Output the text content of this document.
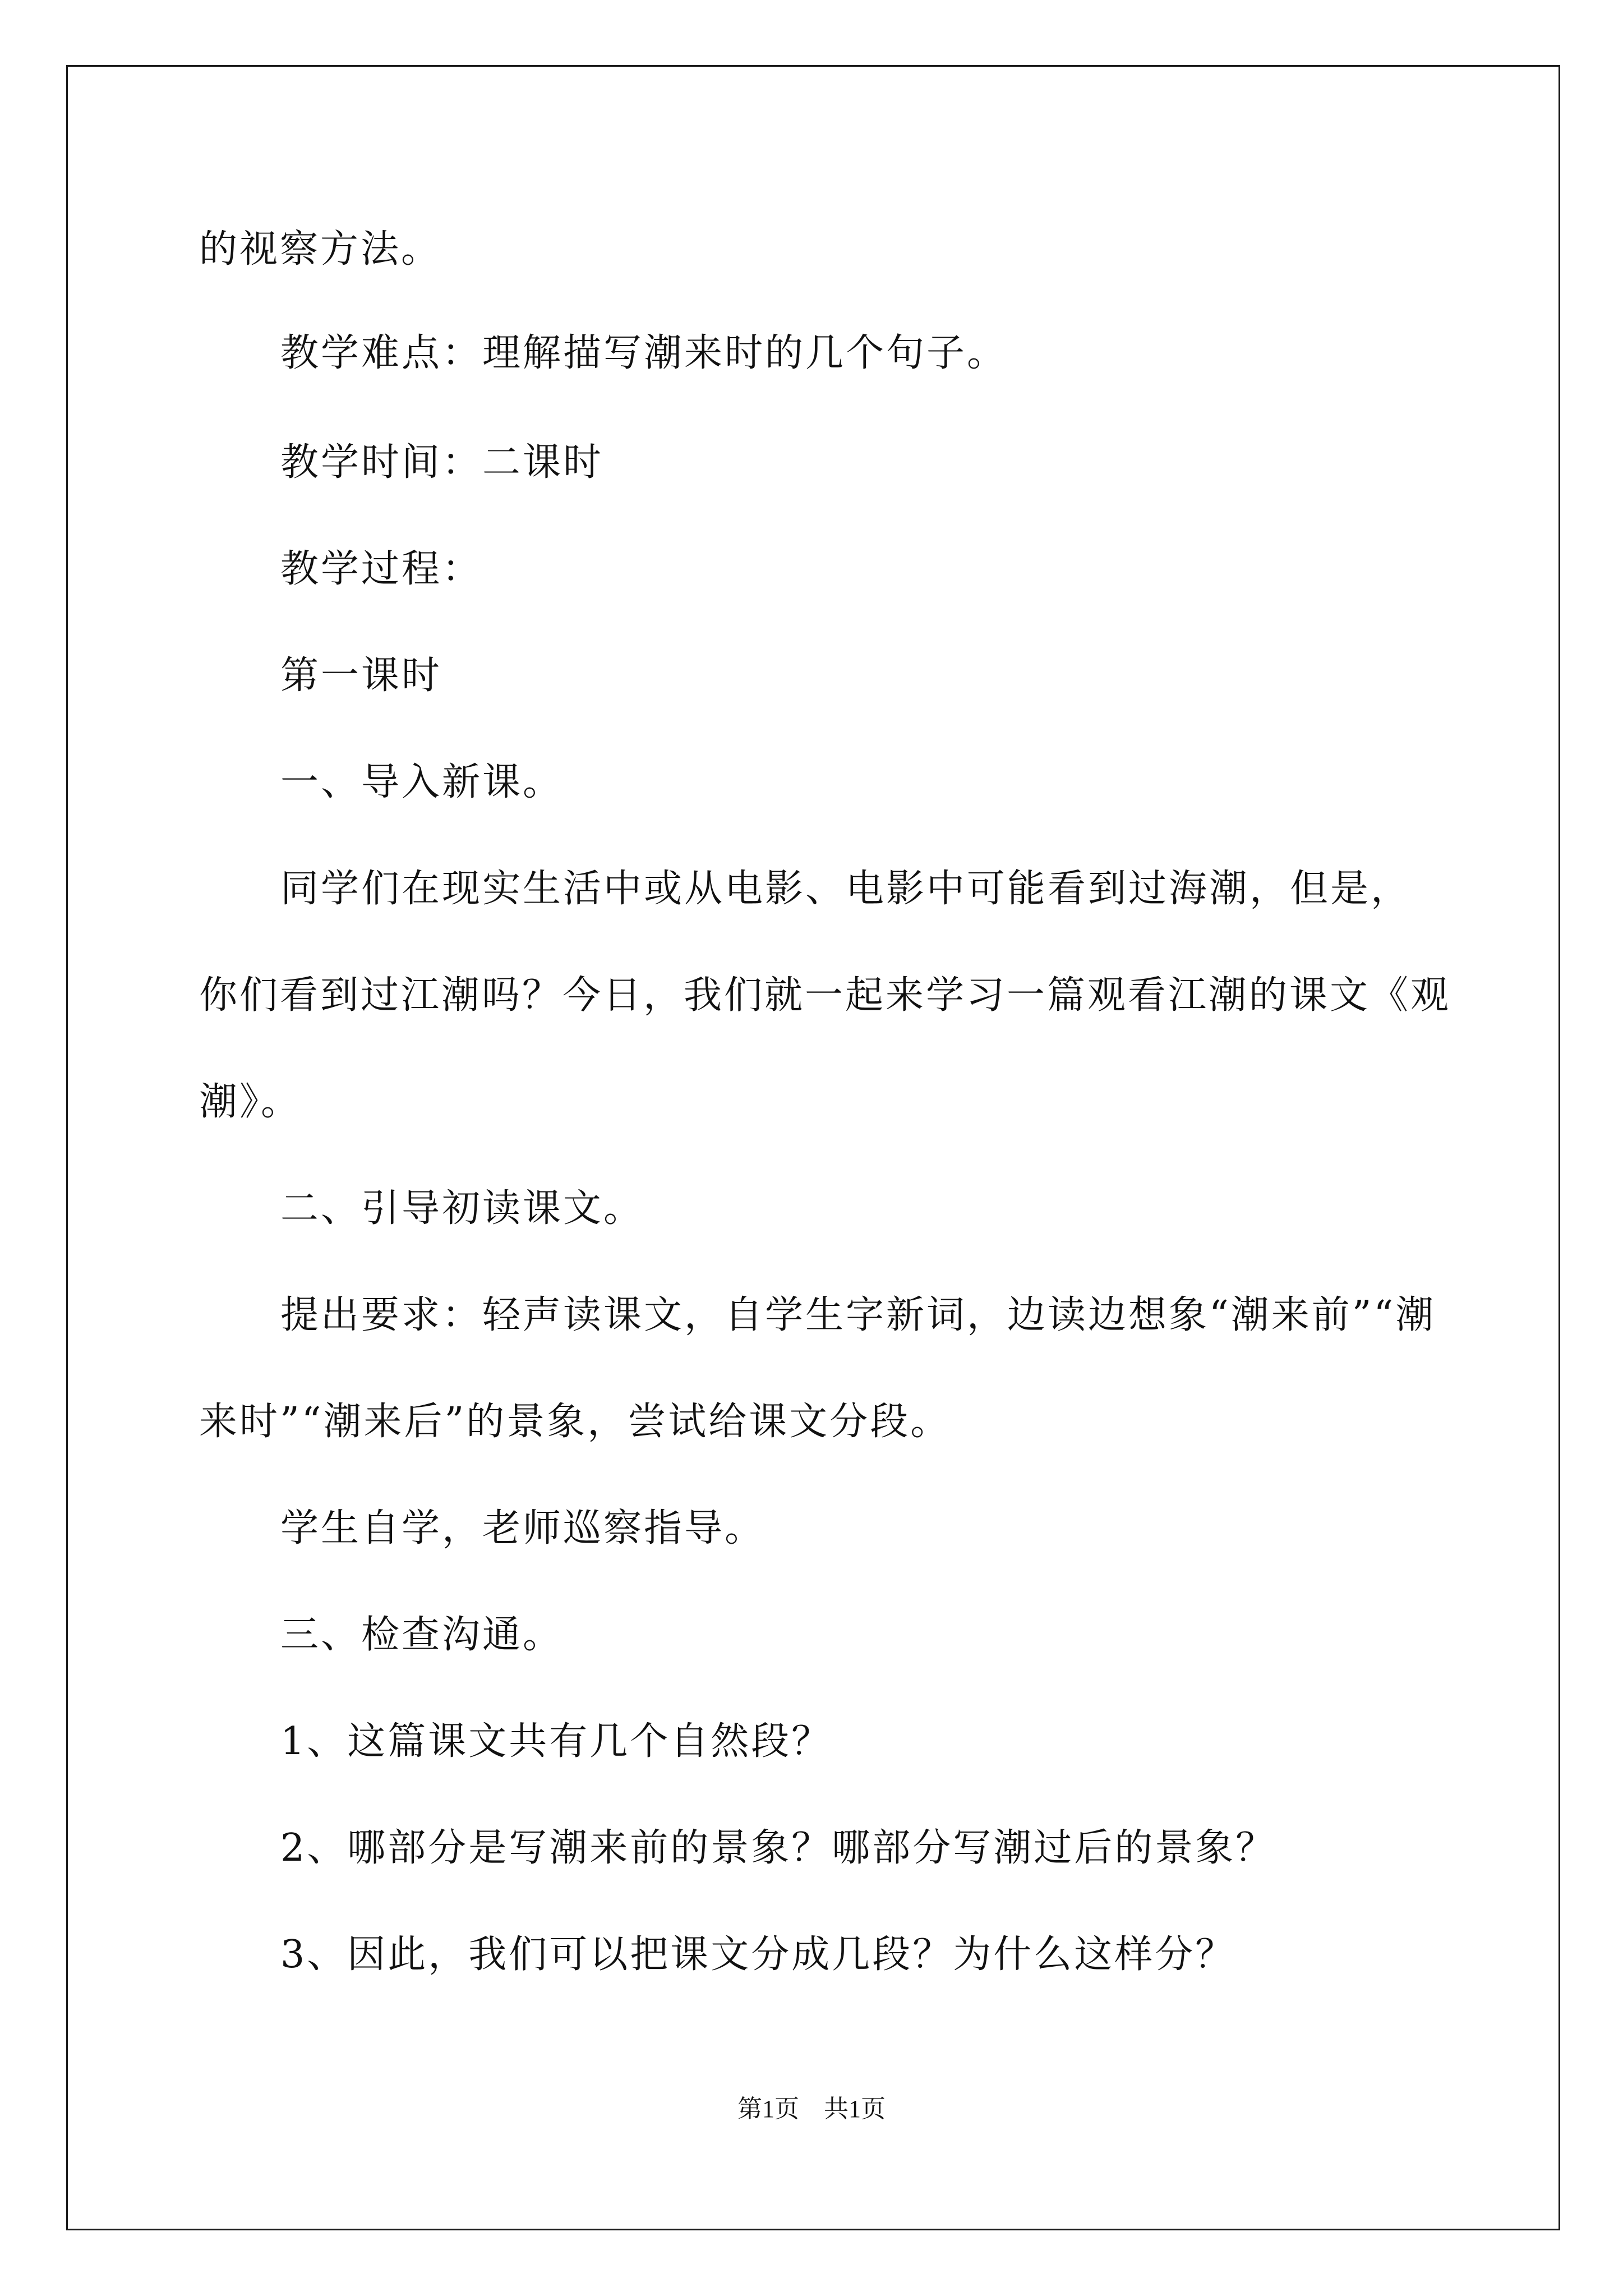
的视察方法。
教学难点：理解描写潮来时的几个句子。
教学时间：二课时
教学过程：
第一课时
一、导入新课。
同学们在现实生活中或从电影、电影中可能看到过海潮，但是，
你们看到过江潮吗？今日，我们就一起来学习一篇观看江潮的课文《观
潮》。
二、引导初读课文。
提出要求：轻声读课文，自学生字新词，边读边想象“潮来前”“潮
来时”“潮来后”的景象，尝试给课文分段。
学生自学，老师巡察指导。
三、检查沟通。
1、这篇课文共有几个自然段？
2、哪部分是写潮来前的景象？哪部分写潮过后的景象？
3、因此，我们可以把课文分成几段？为什么这样分？
第1页　共1页
